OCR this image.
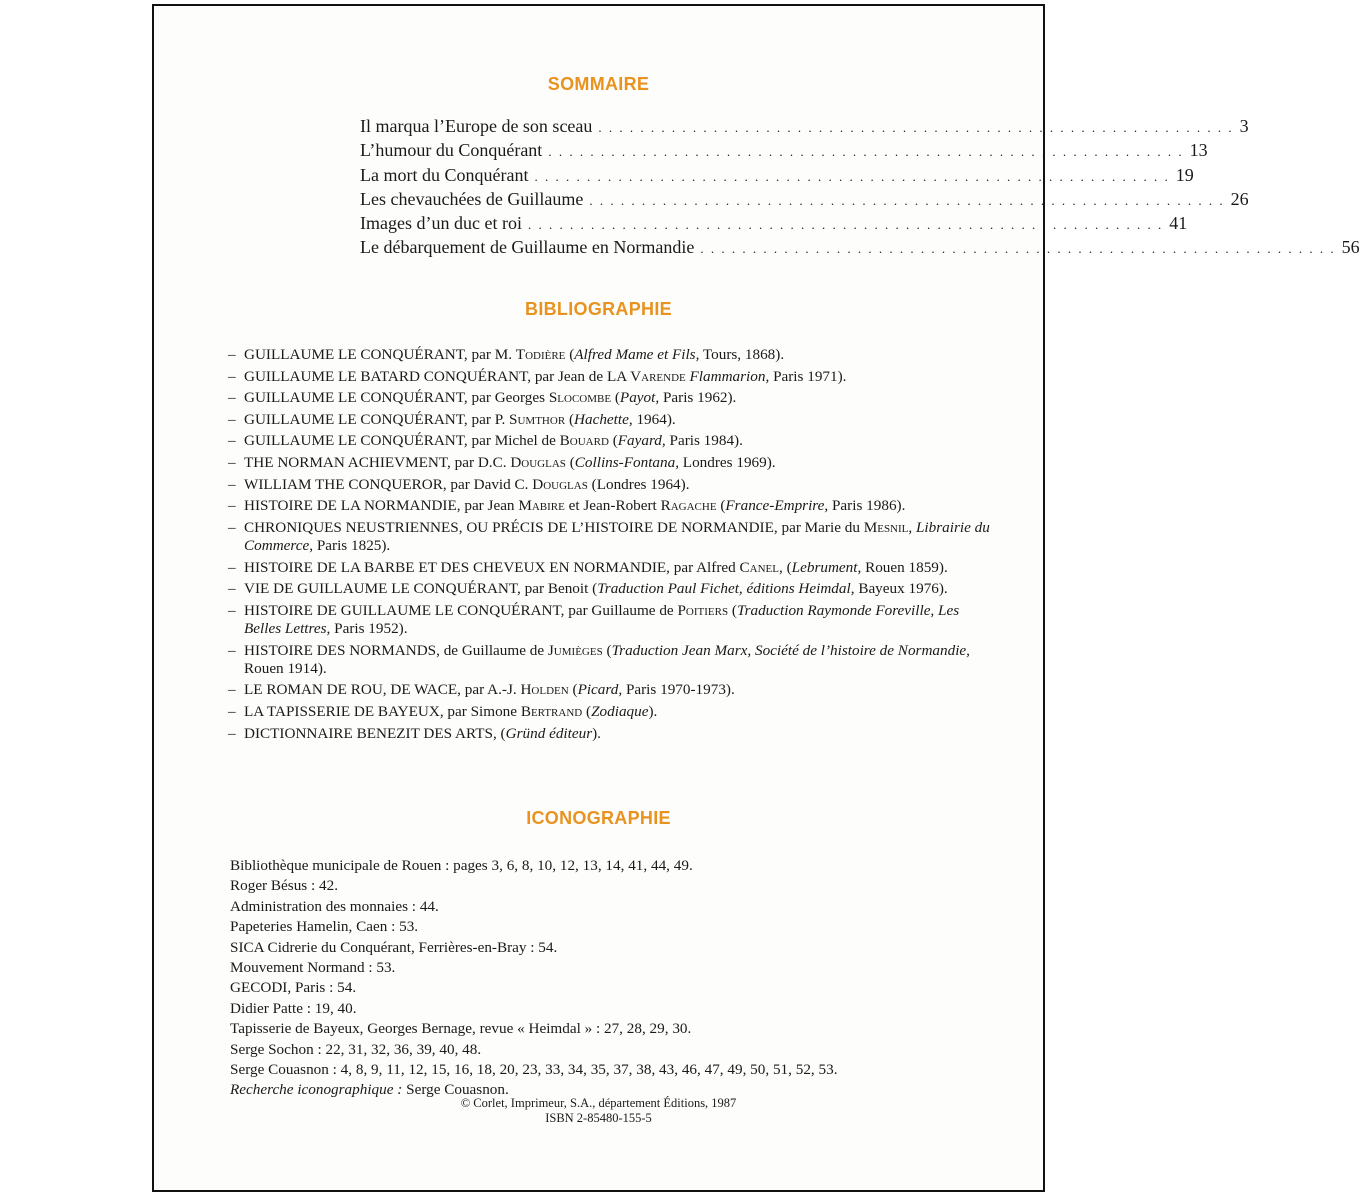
SOMMAIRE
Il marqua l’Europe de son sceau . . . . . . . . . . . . . . . . . . . . . . . . . . . . . . . . . . . . . . . . . . . . . . . . . . . . . . . . . . . . . 3
L’humour du Conquérant . . . . . . . . . . . . . . . . . . . . . . . . . . . . . . . . . . . . . . . . . . . . . . . . . . . . . . . . . . . . . 13
La mort du Conquérant . . . . . . . . . . . . . . . . . . . . . . . . . . . . . . . . . . . . . . . . . . . . . . . . . . . . . . . . . . . . . 19
Les chevauchées de Guillaume . . . . . . . . . . . . . . . . . . . . . . . . . . . . . . . . . . . . . . . . . . . . . . . . . . . . . . . . . . . . . 26
Images d’un duc et roi . . . . . . . . . . . . . . . . . . . . . . . . . . . . . . . . . . . . . . . . . . . . . . . . . . . . . . . . . . . . . 41
Le débarquement de Guillaume en Normandie . . . . . . . . . . . . . . . . . . . . . . . . . . . . . . . . . . . . . . . . . . . . . . . . . . . . . . . . . . . . . 56
BIBLIOGRAPHIE
– GUILLAUME LE CONQUÉRANT, par M. Todière (Alfred Mame et Fils, Tours, 1868).
– GUILLAUME LE BATARD CONQUÉRANT, par Jean de LA Varende Flammarion, Paris 1971).
– GUILLAUME LE CONQUÉRANT, par Georges Slocombe (Payot, Paris 1962).
– GUILLAUME LE CONQUÉRANT, par P. Sumthor (Hachette, 1964).
– GUILLAUME LE CONQUÉRANT, par Michel de Bouard (Fayard, Paris 1984).
– THE NORMAN ACHIEVMENT, par D.C. Douglas (Collins-Fontana, Londres 1969).
– WILLIAM THE CONQUEROR, par David C. Douglas (Londres 1964).
– HISTOIRE DE LA NORMANDIE, par Jean Mabire et Jean-Robert Ragache (France-Emprire, Paris 1986).
– CHRONIQUES NEUSTRIENNES, OU PRÉCIS DE L’HISTOIRE DE NORMANDIE, par Marie du Mesnil, Librairie du Commerce, Paris 1825).
– HISTOIRE DE LA BARBE ET DES CHEVEUX EN NORMANDIE, par Alfred Canel, (Lebrument, Rouen 1859).
– VIE DE GUILLAUME LE CONQUÉRANT, par Benoit (Traduction Paul Fichet, éditions Heimdal, Bayeux 1976).
– HISTOIRE DE GUILLAUME LE CONQUÉRANT, par Guillaume de Poitiers (Traduction Raymonde Foreville, Les Belles Lettres, Paris 1952).
– HISTOIRE DES NORMANDS, de Guillaume de Jumièges (Traduction Jean Marx, Société de l’histoire de Normandie, Rouen 1914).
– LE ROMAN DE ROU, DE WACE, par A.-J. Holden (Picard, Paris 1970-1973).
– LA TAPISSERIE DE BAYEUX, par Simone Bertrand (Zodiaque).
– DICTIONNAIRE BENEZIT DES ARTS, (Gründ éditeur).
ICONOGRAPHIE
Bibliothèque municipale de Rouen : pages 3, 6, 8, 10, 12, 13, 14, 41, 44, 49.
Roger Bésus : 42.
Administration des monnaies : 44.
Papeteries Hamelin, Caen : 53.
SICA Cidrerie du Conquérant, Ferrières-en-Bray : 54.
Mouvement Normand : 53.
GECODI, Paris : 54.
Didier Patte : 19, 40.
Tapisserie de Bayeux, Georges Bernage, revue « Heimdal » : 27, 28, 29, 30.
Serge Sochon : 22, 31, 32, 36, 39, 40, 48.
Serge Couasnon : 4, 8, 9, 11, 12, 15, 16, 18, 20, 23, 33, 34, 35, 37, 38, 43, 46, 47, 49, 50, 51, 52, 53.
Recherche iconographique : Serge Couasnon.
© Corlet, Imprimeur, S.A., département Éditions, 1987
ISBN 2-85480-155-5
